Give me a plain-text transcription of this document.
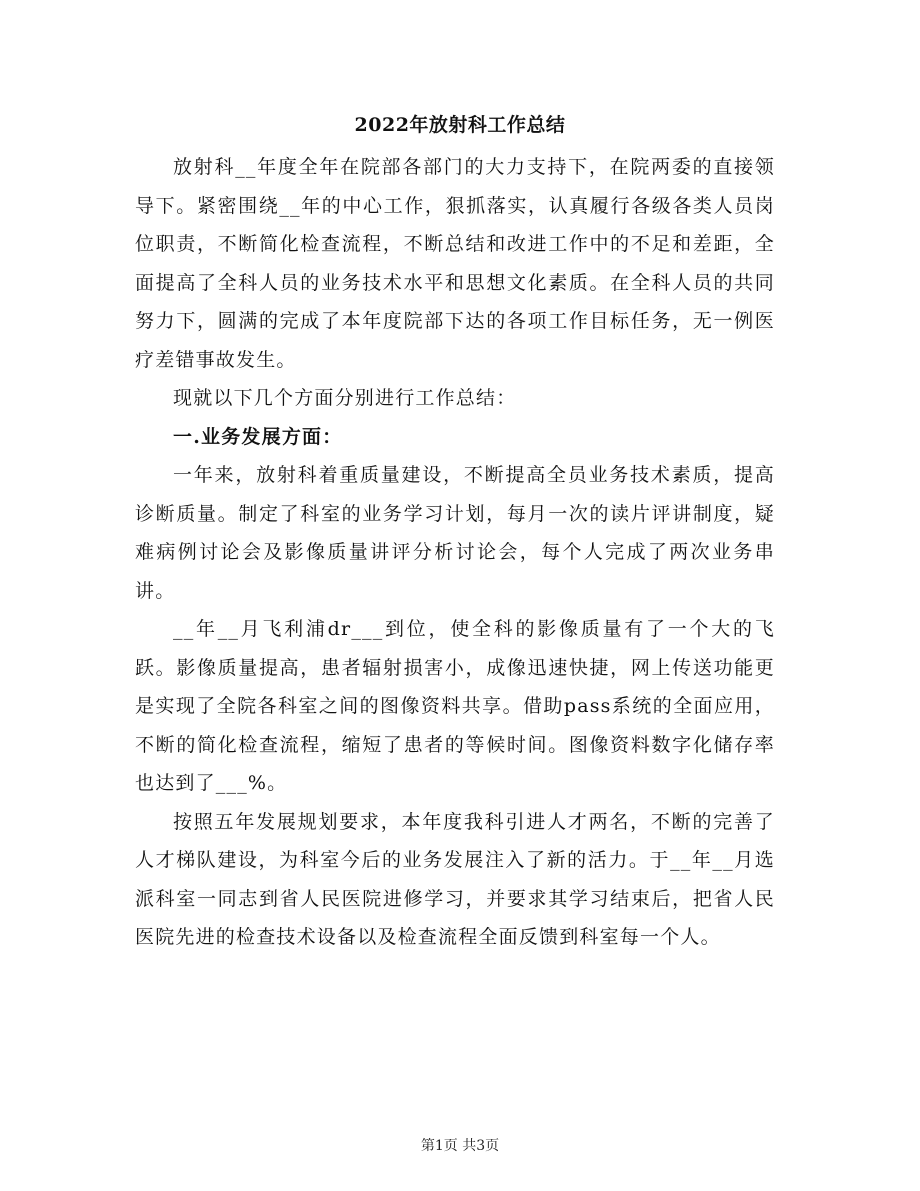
2022年放射科工作总结

放射科__年度全年在院部各部门的大力支持下，在院两委的直接领导下。紧密围绕__年的中心工作，狠抓落实，认真履行各级各类人员岗位职责，不断简化检查流程，不断总结和改进工作中的不足和差距，全面提高了全科人员的业务技术水平和思想文化素质。在全科人员的共同努力下，圆满的完成了本年度院部下达的各项工作目标任务，无一例医疗差错事故发生。

现就以下几个方面分别进行工作总结：

一.业务发展方面：

一年来，放射科着重质量建设，不断提高全员业务技术素质，提高诊断质量。制定了科室的业务学习计划，每月一次的读片评讲制度，疑难病例讨论会及影像质量讲评分析讨论会，每个人完成了两次业务串讲。

__年__月飞利浦dr___到位，使全科的影像质量有了一个大的飞跃。影像质量提高，患者辐射损害小，成像迅速快捷，网上传送功能更是实现了全院各科室之间的图像资料共享。借助pass系统的全面应用，不断的简化检查流程，缩短了患者的等候时间。图像资料数字化储存率也达到了___%。

按照五年发展规划要求，本年度我科引进人才两名，不断的完善了人才梯队建设，为科室今后的业务发展注入了新的活力。于__年__月选派科室一同志到省人民医院进修学习，并要求其学习结束后，把省人民医院先进的检查技术设备以及检查流程全面反馈到科室每一个人。

第1页 共3页
